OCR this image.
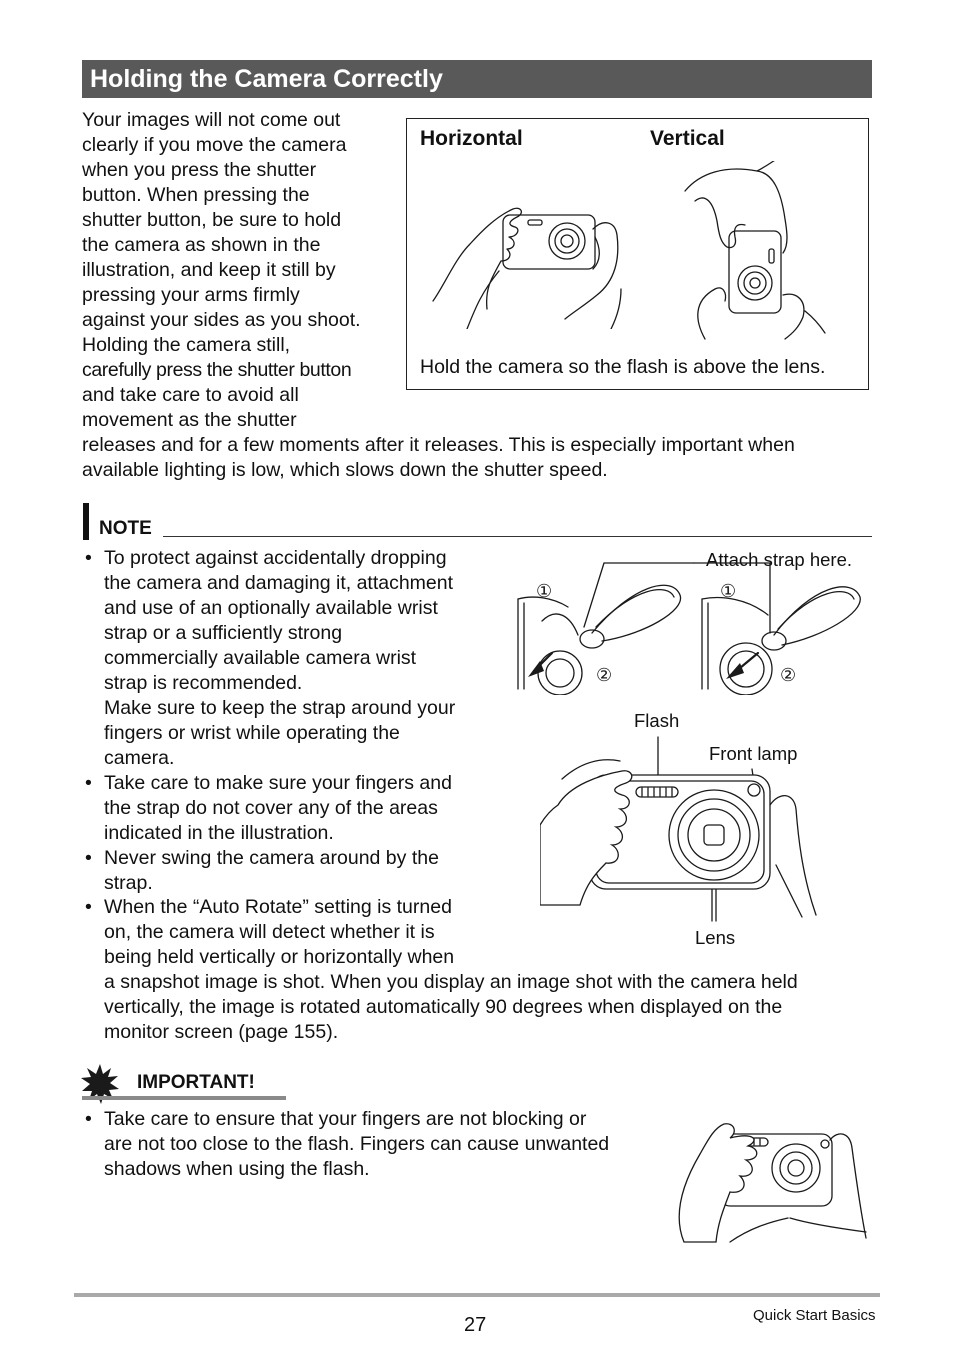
Holding the Camera Correctly
Your images will not come out
clearly if you move the camera
when you press the shutter
button. When pressing the
shutter button, be sure to hold
the camera as shown in the
illustration, and keep it still by
pressing your arms firmly
against your sides as you shoot.
Holding the camera still,
carefully press the shutter button
and take care to avoid all
movement as the shutter
releases and for a few moments after it releases. This is especially important when
available lighting is low, which slows down the shutter speed.
Horizontal	Vertical
Hold the camera so the flash is above the lens.
NOTE
• To protect against accidentally dropping
the camera and damaging it, attachment
and use of an optionally available wrist
strap or a sufficiently strong
commercially available camera wrist
strap is recommended.
Make sure to keep the strap around your
fingers or wrist while operating the
camera.
• Take care to make sure your fingers and
the strap do not cover any of the areas
indicated in the illustration.
• Never swing the camera around by the
strap.
• When the “Auto Rotate” setting is turned
on, the camera will detect whether it is
being held vertically or horizontally when
a snapshot image is shot. When you display an image shot with the camera held
vertically, the image is rotated automatically 90 degrees when displayed on the
monitor screen (page 155).
Attach strap here.
①
②
①
②
Flash
Front lamp
Lens
IMPORTANT!
• Take care to ensure that your fingers are not blocking or
are not too close to the flash. Fingers can cause unwanted
shadows when using the flash.
27	Quick Start Basics
